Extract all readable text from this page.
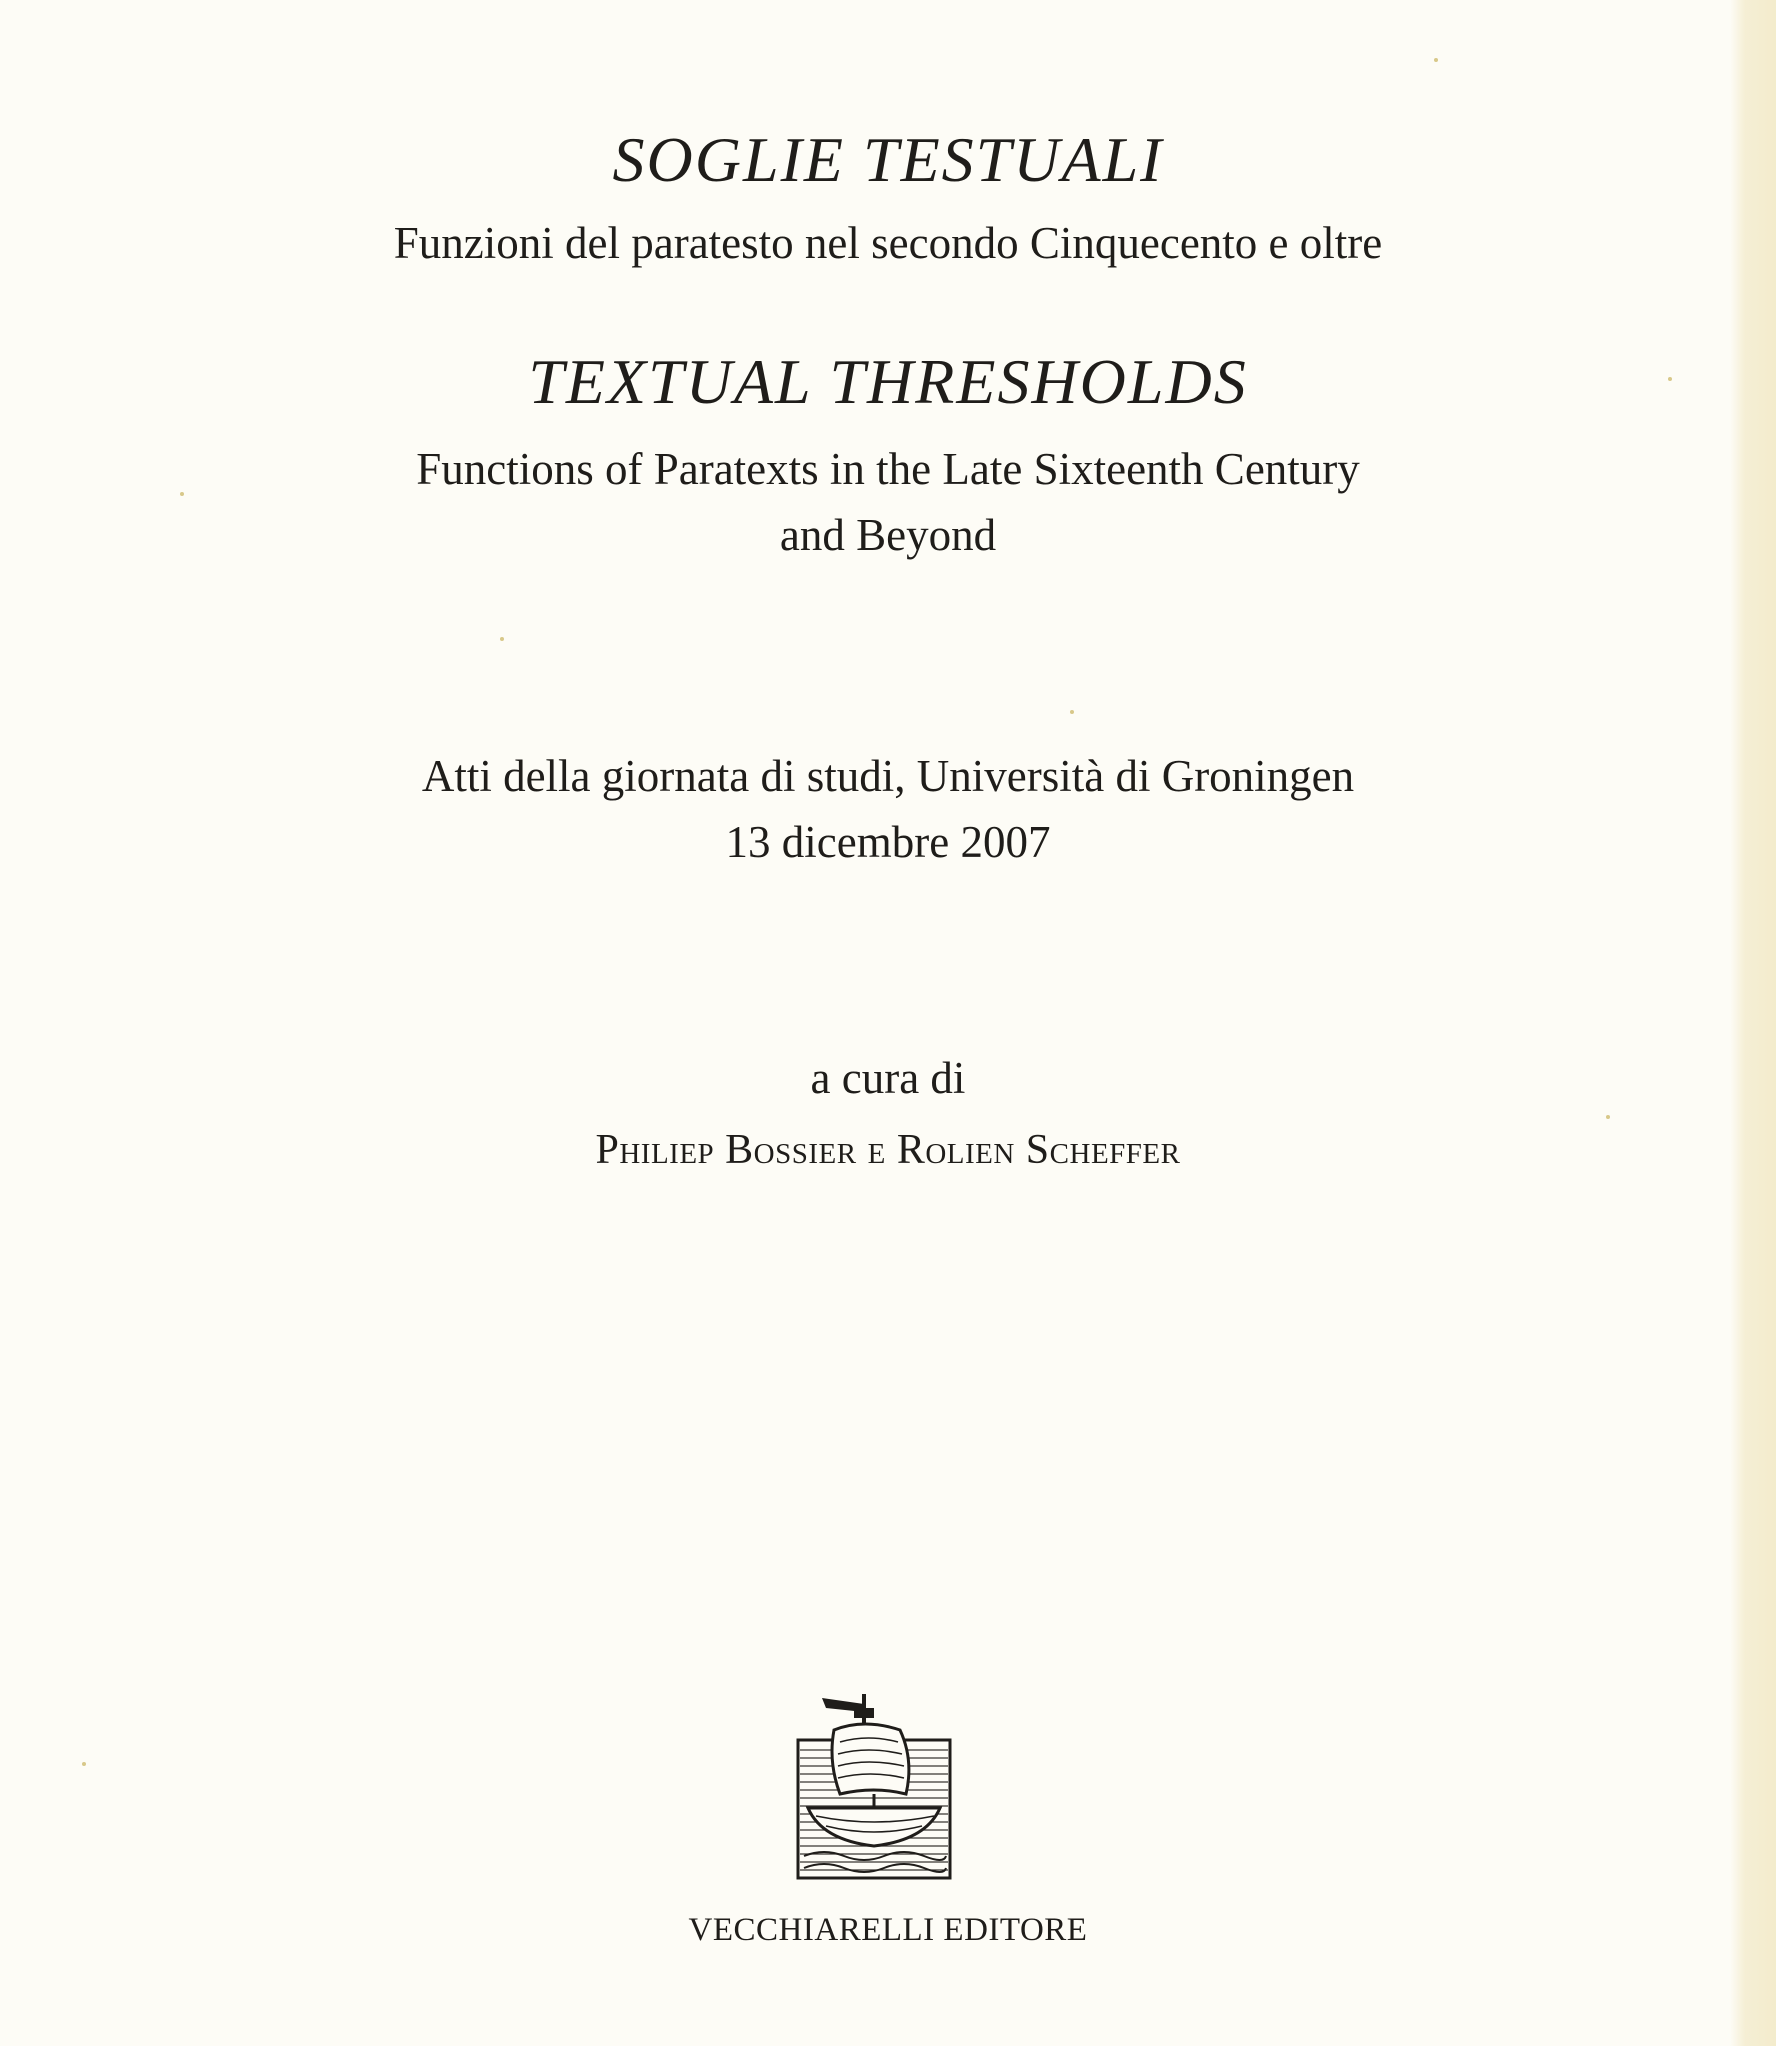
SOGLIE TESTUALI
Funzioni del paratesto nel secondo Cinquecento e oltre
TEXTUAL THRESHOLDS
Functions of Paratexts in the Late Sixteenth Century
and Beyond
Atti della giornata di studi, Università di Groningen
13 dicembre 2007
a cura di
Philiep Bossier e Rolien Scheffer
VECCHIARELLI EDITORE
